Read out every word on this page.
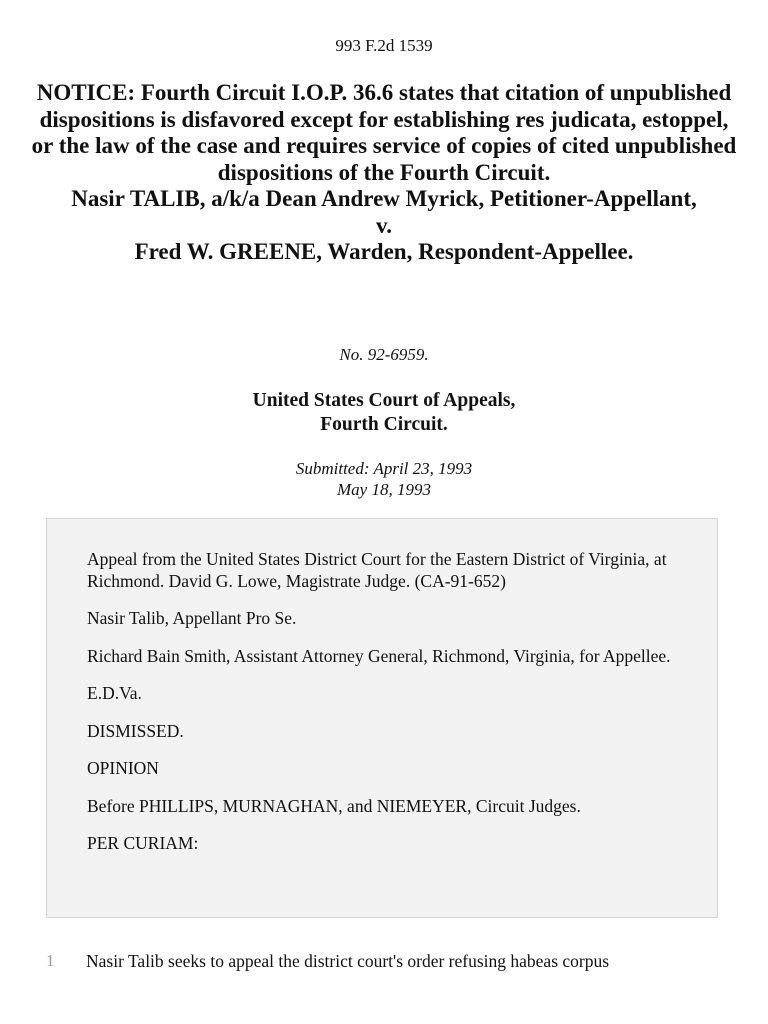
993 F.2d 1539
NOTICE: Fourth Circuit I.O.P. 36.6 states that citation of unpublished dispositions is disfavored except for establishing res judicata, estoppel, or the law of the case and requires service of copies of cited unpublished dispositions of the Fourth Circuit.
Nasir TALIB, a/k/a Dean Andrew Myrick, Petitioner-Appellant,
v.
Fred W. GREENE, Warden, Respondent-Appellee.
No. 92-6959.
United States Court of Appeals,
Fourth Circuit.
Submitted: April 23, 1993
May 18, 1993

Appeal from the United States District Court for the Eastern District of Virginia, at Richmond. David G. Lowe, Magistrate Judge. (CA-91-652)

Nasir Talib, Appellant Pro Se.

Richard Bain Smith, Assistant Attorney General, Richmond, Virginia, for Appellee.

E.D.Va.

DISMISSED.

OPINION

Before PHILLIPS, MURNAGHAN, and NIEMEYER, Circuit Judges.

PER CURIAM:

1 Nasir Talib seeks to appeal the district court's order refusing habeas corpus
